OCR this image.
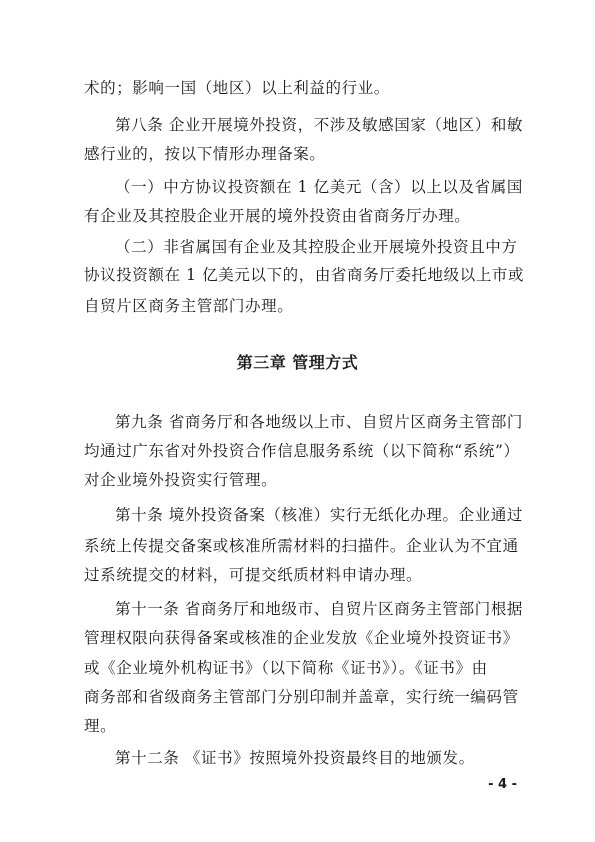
术的；影响一国（地区）以上利益的行业。
第八条 企业开展境外投资，不涉及敏感国家（地区）和敏
感行业的，按以下情形办理备案。
（一）中方协议投资额在 1 亿美元（含）以上以及省属国
有企业及其控股企业开展的境外投资由省商务厅办理。
（二）非省属国有企业及其控股企业开展境外投资且中方
协议投资额在 1 亿美元以下的，由省商务厅委托地级以上市或
自贸片区商务主管部门办理。
第三章 管理方式
第九条 省商务厅和各地级以上市、自贸片区商务主管部门
均通过广东省对外投资合作信息服务系统（以下简称“系统”）
对企业境外投资实行管理。
第十条 境外投资备案（核准）实行无纸化办理。企业通过
系统上传提交备案或核准所需材料的扫描件。企业认为不宜通
过系统提交的材料，可提交纸质材料申请办理。
第十一条 省商务厅和地级市、自贸片区商务主管部门根据
管理权限向获得备案或核准的企业发放《企业境外投资证书》
或《企业境外机构证书》（以下简称《证书》）。《证书》由
商务部和省级商务主管部门分别印制并盖章，实行统一编码管
理。
第十二条 《证书》按照境外投资最终目的地颁发。
- 4 -
